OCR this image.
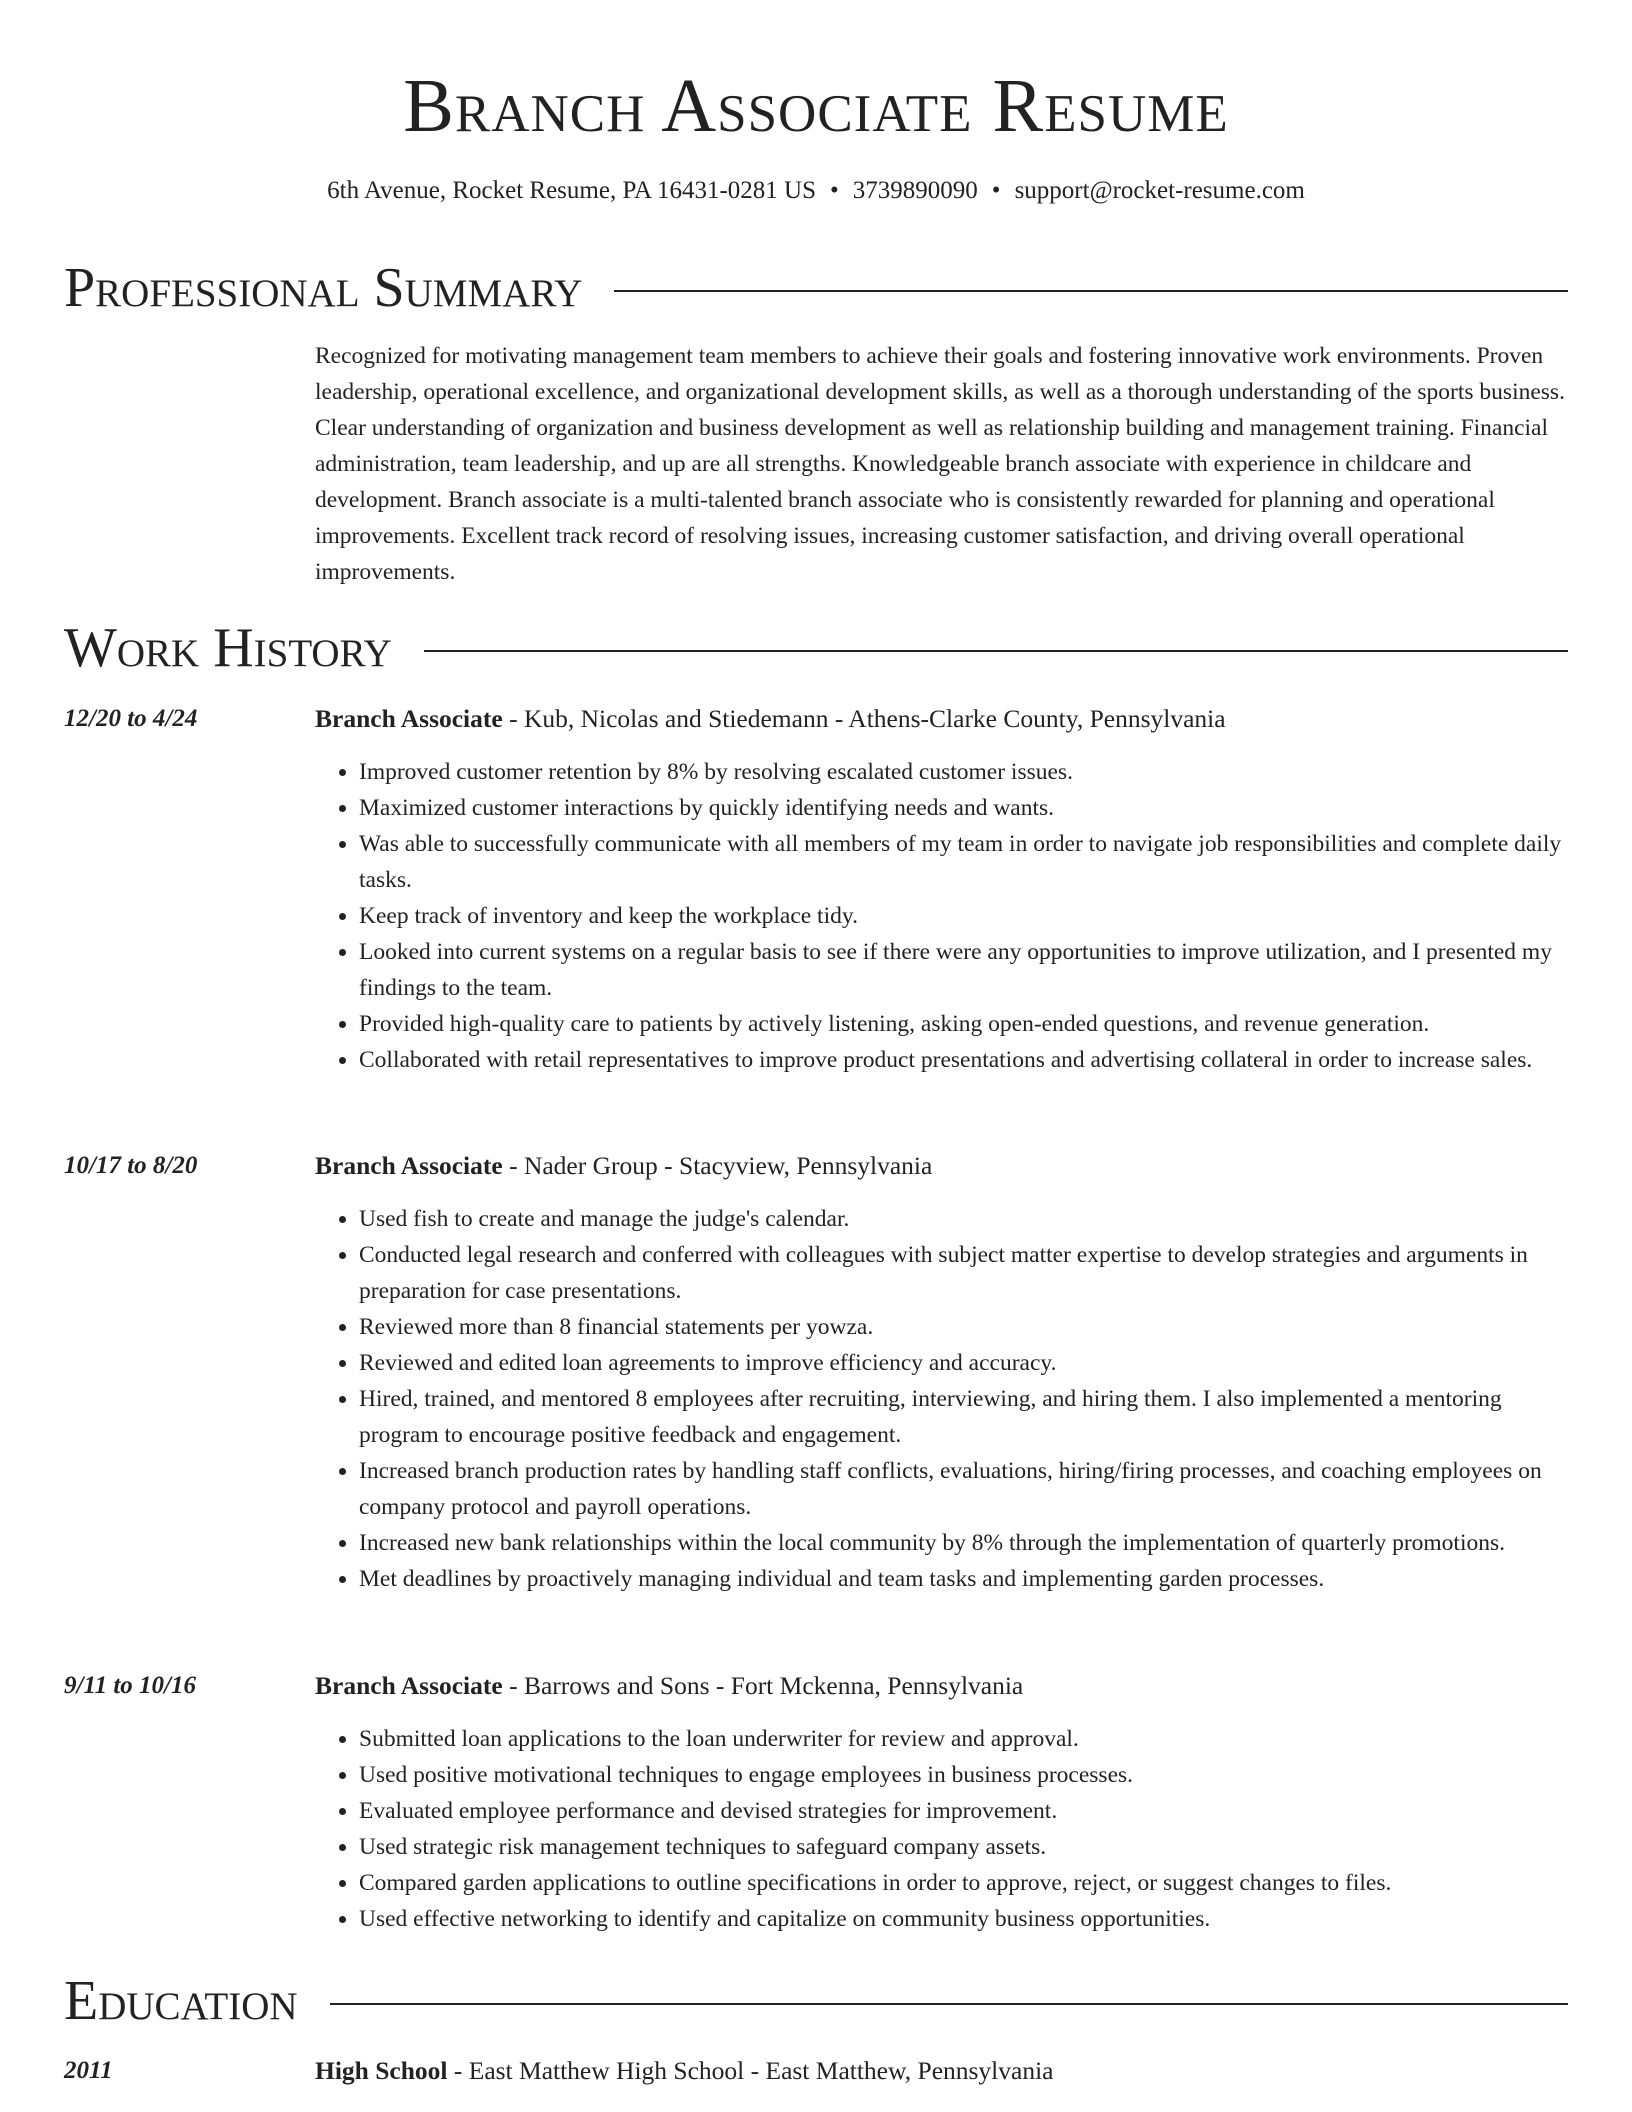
Branch Associate Resume
6th Avenue, Rocket Resume, PA 16431-0281 US • 3739890090 • support@rocket-resume.com
Professional Summary
Recognized for motivating management team members to achieve their goals and fostering innovative work environments. Proven leadership, operational excellence, and organizational development skills, as well as a thorough understanding of the sports business. Clear understanding of organization and business development as well as relationship building and management training. Financial administration, team leadership, and up are all strengths. Knowledgeable branch associate with experience in childcare and development. Branch associate is a multi-talented branch associate who is consistently rewarded for planning and operational improvements. Excellent track record of resolving issues, increasing customer satisfaction, and driving overall operational improvements.
Work History
12/20 to 4/24	Branch Associate - Kub, Nicolas and Stiedemann - Athens-Clarke County, Pennsylvania
• Improved customer retention by 8% by resolving escalated customer issues.
• Maximized customer interactions by quickly identifying needs and wants.
• Was able to successfully communicate with all members of my team in order to navigate job responsibilities and complete daily tasks.
• Keep track of inventory and keep the workplace tidy.
• Looked into current systems on a regular basis to see if there were any opportunities to improve utilization, and I presented my findings to the team.
• Provided high-quality care to patients by actively listening, asking open-ended questions, and revenue generation.
• Collaborated with retail representatives to improve product presentations and advertising collateral in order to increase sales.
10/17 to 8/20	Branch Associate - Nader Group - Stacyview, Pennsylvania
• Used fish to create and manage the judge's calendar.
• Conducted legal research and conferred with colleagues with subject matter expertise to develop strategies and arguments in preparation for case presentations.
• Reviewed more than 8 financial statements per yowza.
• Reviewed and edited loan agreements to improve efficiency and accuracy.
• Hired, trained, and mentored 8 employees after recruiting, interviewing, and hiring them. I also implemented a mentoring program to encourage positive feedback and engagement.
• Increased branch production rates by handling staff conflicts, evaluations, hiring/firing processes, and coaching employees on company protocol and payroll operations.
• Increased new bank relationships within the local community by 8% through the implementation of quarterly promotions.
• Met deadlines by proactively managing individual and team tasks and implementing garden processes.
9/11 to 10/16	Branch Associate - Barrows and Sons - Fort Mckenna, Pennsylvania
• Submitted loan applications to the loan underwriter for review and approval.
• Used positive motivational techniques to engage employees in business processes.
• Evaluated employee performance and devised strategies for improvement.
• Used strategic risk management techniques to safeguard company assets.
• Compared garden applications to outline specifications in order to approve, reject, or suggest changes to files.
• Used effective networking to identify and capitalize on community business opportunities.
Education
2011	High School - East Matthew High School - East Matthew, Pennsylvania
